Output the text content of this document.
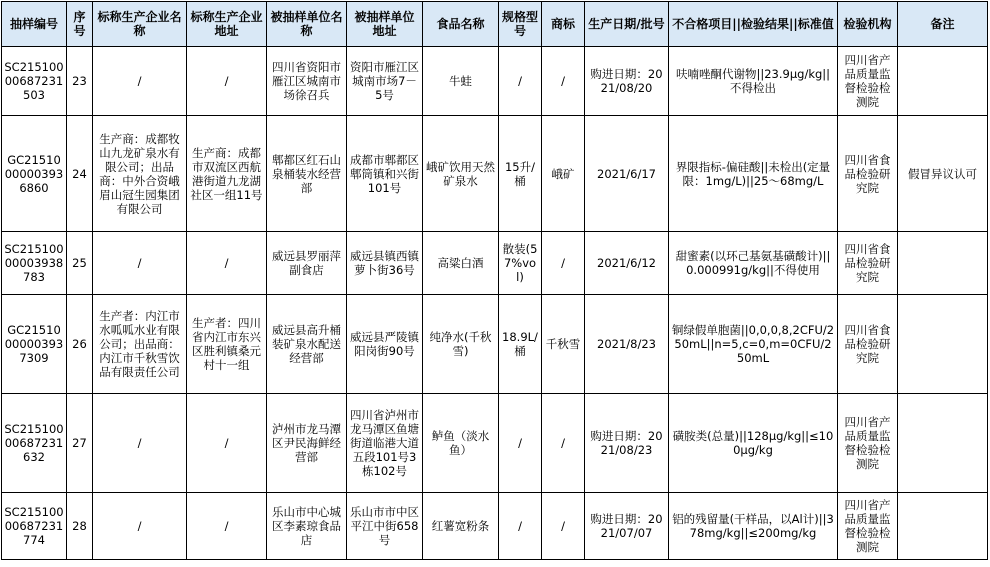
抽样编号	序号	标称生产企业名称	标称生产企业地址	被抽样单位名称	被抽样单位地址	食品名称	规格型号	商标	生产日期/批号	不合格项目||检验结果||标准值	检验机构	备注
SC21510000687231503	23	/	/	四川省资阳市雁江区城南市场徐召兵	资阳市雁江区城南市场7－5号	牛蛙	/	/	购进日期：2021/08/20	呋喃唑酮代谢物||23.9μg/kg||不得检出	四川省产品质量监督检验检测院	
GC21510000003936860	24	生产商：成都牧山九龙矿泉水有限公司；出品商：中外合资峨眉山冠生园集团有限公司	生产商：成都市双流区西航港街道九龙湖社区一组11号	郫都区红石山泉桶装水经营部	成都市郫都区郫筒镇和兴街101号	峨矿饮用天然矿泉水	15升/桶	峨矿	2021/6/17	界限指标-偏硅酸||未检出(定量限：1mg/L)||25～68mg/L	四川省食品检验研究院	假冒异议认可
SC21510000003938783	25	/	/	威远县罗丽萍副食店	威远县镇西镇萝卜街36号	高粱白酒	散装(57%vol)	/	2021/6/12	甜蜜素(以环己基氨基磺酸计)||0.000991g/kg||不得使用	四川省食品检验研究院	
GC21510000003937309	26	生产者：内江市水呱呱水业有限公司；出品商：内江市千秋雪饮品有限责任公司	生产者：四川省内江市东兴区胜利镇桑元村十一组	威远县高升桶装矿泉水配送经营部	威远县严陵镇阳岗街90号	纯净水(千秋雪)	18.9L/桶	千秋雪	2021/8/23	铜绿假单胞菌||0,0,0,8,2CFU/250mL||n=5,c=0,m=0CFU/250mL	四川省食品检验研究院	
SC21510000687231632	27	/	/	泸州市龙马潭区尹民海鲜经营部	四川省泸州市龙马潭区鱼塘街道临港大道五段101号3栋102号	鲈鱼（淡水鱼）	/	/	购进日期：2021/08/23	磺胺类(总量)||128μg/kg||≤100μg/kg	四川省产品质量监督检验检测院	
SC21510000687231774	28	/	/	乐山市中心城区李素琼食品店	乐山市市中区平江中街658号	红薯宽粉条	/	/	购进日期：2021/07/07	铝的残留量(干样品，以Al计)||378mg/kg||≤200mg/kg	四川省产品质量监督检验检测院	
